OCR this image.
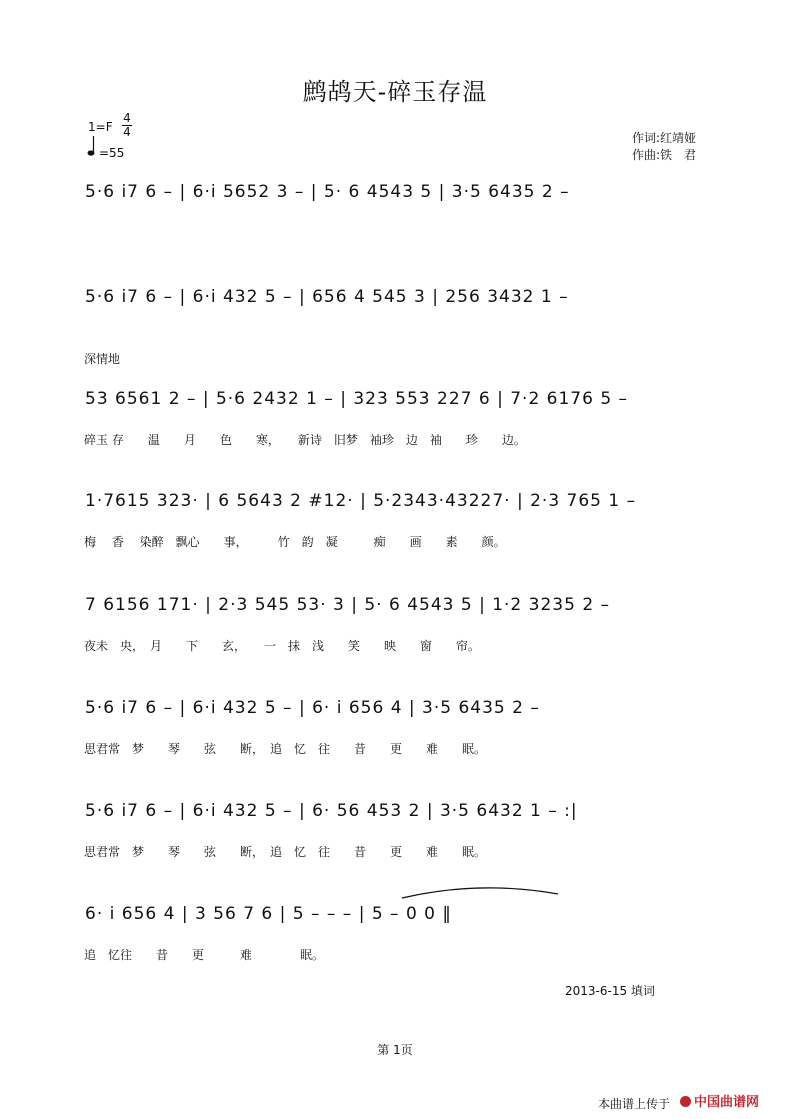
鹧鸪天-碎玉存温
1=F
4
4
=55
作词:红靖娅
作曲:铁　君
深情地
5·6 i7 6 – | 6·i 5652 3 – | 5· 6 4543 5 | 3·5 6435 2 –
5·6 i7 6 – | 6·i 432 5 – | 656 4 545 3 | 256 3432 1 –
53 6561 2 – | 5·6 2432 1 – | 323 553 227 6 | 7·2 6176 5 –
碎玉 存　　温　　月　　色　　寒，　　新诗　旧梦　袖珍　边　袖　　珍　　边。
1·7615 323· | 6 5643 2 #12· | 5·2343·43227· | 2·3 765 1 –
梅　 香　 染醉　飘心　　事，　　　竹　韵　凝　　　痴　　画　　素　　颜。
7 6156 171· | 2·3 545 53· 3 | 5· 6 4543 5 | 1·2 3235 2 –
夜未　央，　月　　下　　玄，　　一　抹　浅　　笑　　映　　窗　　帘。
5·6 i7 6 – | 6·i 432 5 – | 6· i 656 4 | 3·5 6435 2 –
思君常　梦　　琴　　弦　　断，　追　忆　往　　昔　　更　　难　　眠。
5·6 i7 6 – | 6·i 432 5 – | 6· 56 453 2 | 3·5 6432 1 – :|
思君常　梦　　琴　　弦　　断，　追　忆　往　　昔　　更　　难　　眠。
6· i 656 4 | 3 56 7 6 | 5 – – – | 5 – 0 0 ‖
追　忆往　　昔　　更　　　难　　　　眠。
2013-6-15 填词
第 1页
本曲谱上传于	中国曲谱网
